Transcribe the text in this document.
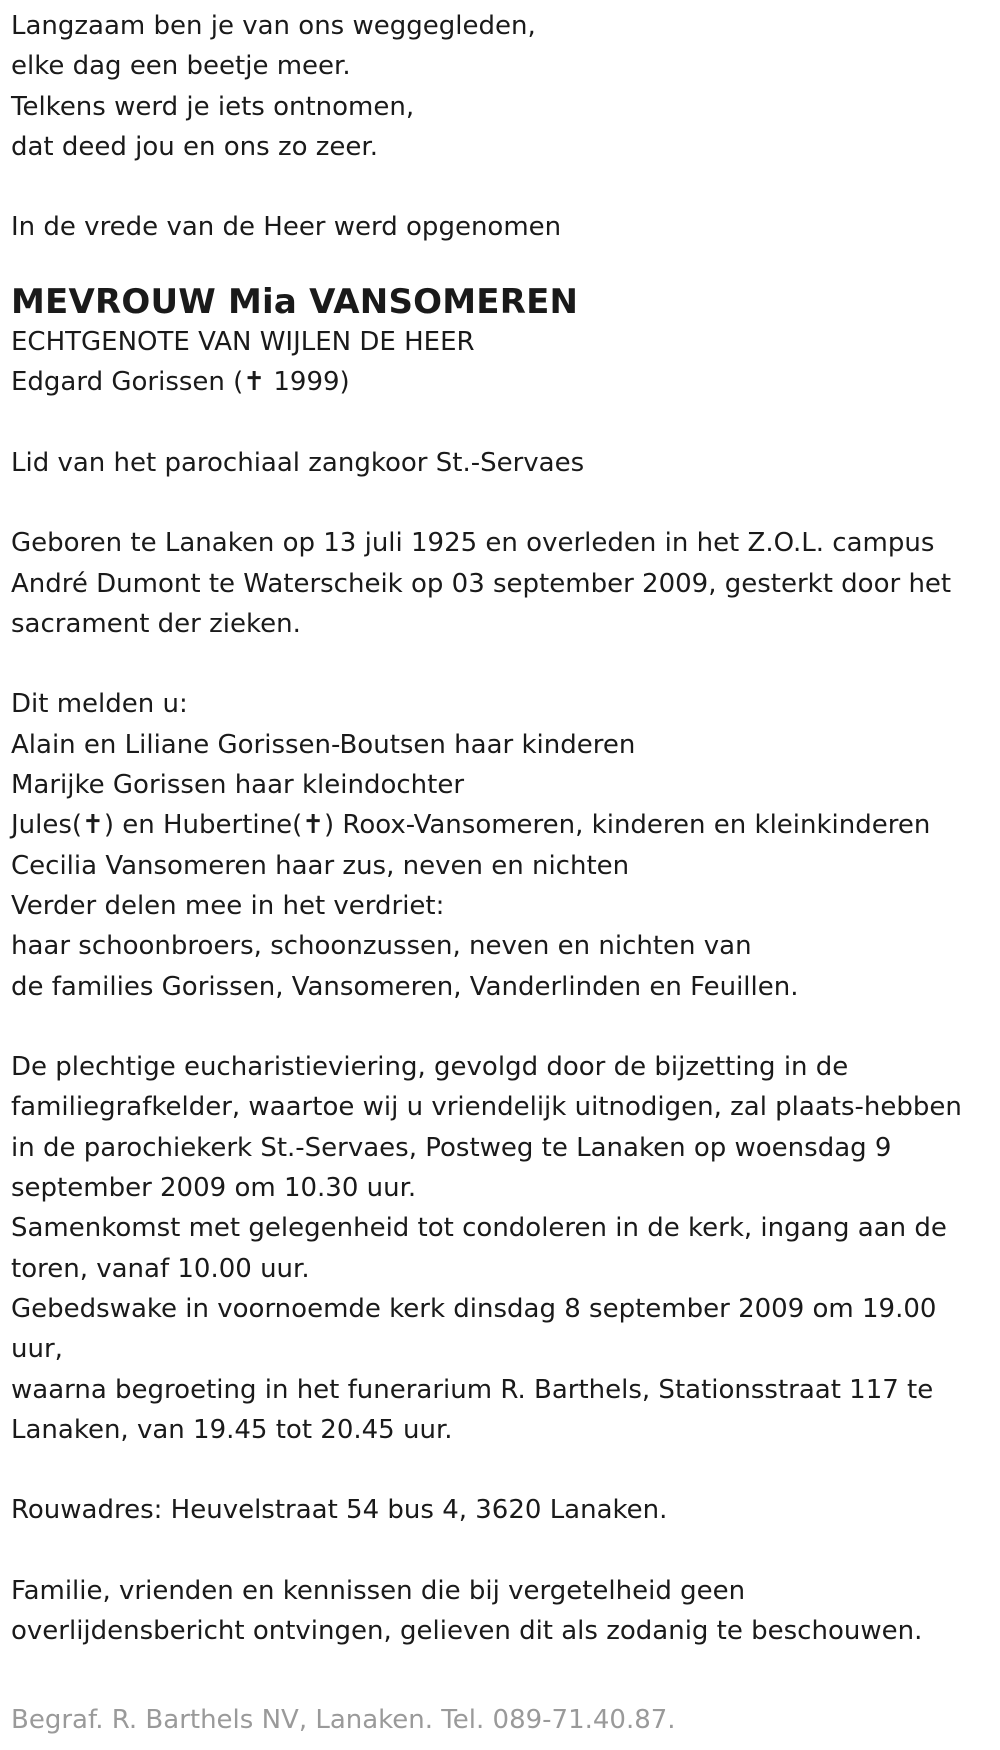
Langzaam ben je van ons weggegleden,
elke dag een beetje meer.
Telkens werd je iets ontnomen,
dat deed jou en ons zo zeer.
In de vrede van de Heer werd opgenomen
MEVROUW Mia VANSOMEREN
ECHTGENOTE VAN WIJLEN DE HEER
Edgard Gorissen (✝ 1999)
Lid van het parochiaal zangkoor St.-Servaes
Geboren te Lanaken op 13 juli 1925 en overleden in het Z.O.L. campus
André Dumont te Waterscheik op 03 september 2009, gesterkt door het
sacrament der zieken.
Dit melden u:
Alain en Liliane Gorissen-Boutsen haar kinderen
Marijke Gorissen haar kleindochter
Jules(✝) en Hubertine(✝) Roox-Vansomeren, kinderen en kleinkinderen
Cecilia Vansomeren haar zus, neven en nichten
Verder delen mee in het verdriet:
haar schoonbroers, schoonzussen, neven en nichten van
de families Gorissen, Vansomeren, Vanderlinden en Feuillen.
De plechtige eucharistieviering, gevolgd door de bijzetting in de
familiegrafkelder, waartoe wij u vriendelijk uitnodigen, zal plaats-hebben
in de parochiekerk St.-Servaes, Postweg te Lanaken op woensdag 9
september 2009 om 10.30 uur.
Samenkomst met gelegenheid tot condoleren in de kerk, ingang aan de
toren, vanaf 10.00 uur.
Gebedswake in voornoemde kerk dinsdag 8 september 2009 om 19.00
uur,
waarna begroeting in het funerarium R. Barthels, Stationsstraat 117 te
Lanaken, van 19.45 tot 20.45 uur.
Rouwadres: Heuvelstraat 54 bus 4, 3620 Lanaken.
Familie, vrienden en kennissen die bij vergetelheid geen
overlijdensbericht ontvingen, gelieven dit als zodanig te beschouwen.
Begraf. R. Barthels NV, Lanaken. Tel. 089-71.40.87.
